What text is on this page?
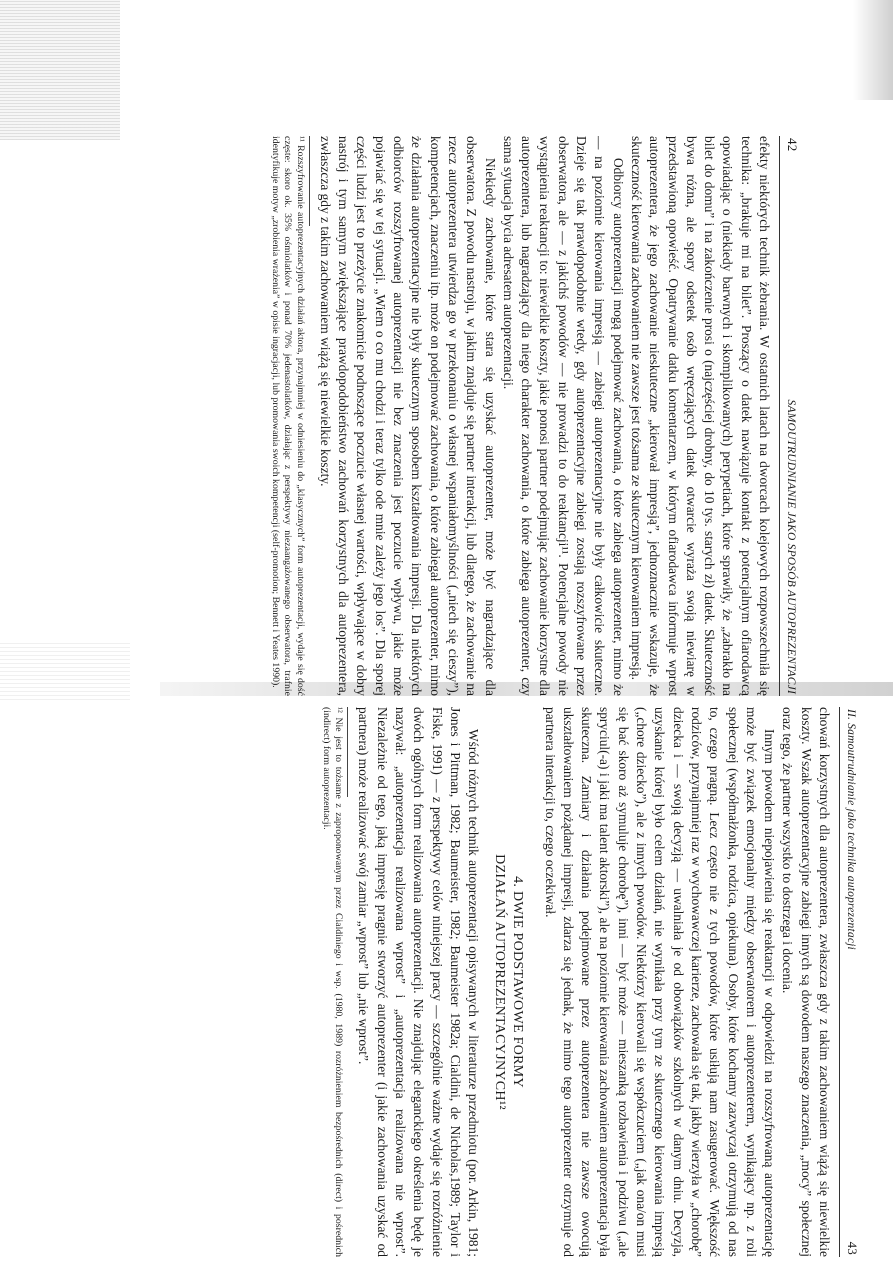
42
SAMOUTRUDNIANIE JAKO SPOSÓB AUTOPREZENTACJI

efekty niektórych technik żebrania. W ostatnich latach na dworcach kolejowych rozpowszechniła się technika: „brakuje mi na bilet”. Proszący o datek nawiązuje kontakt z potencjalnym ofiarodawcą opowiadając o (niekiedy barwnych i skomplikowanych) perypetiach, które sprawiły, że „zabrakło na bilet do domu” i na zakończenie prosi o (najczęściej drobny, do 10 tys. starych zł) datek. Skuteczność bywa różna, ale spory odsetek osób wręczających datek otwarcie wyraża swoją niewiarę w przedstawioną opowieść. Opatrywanie datku komentarzem, w którym ofiarodawca informuje wprost autoprezentera, że jego zachowanie nieskuteczne „kierował impresją”, jednoznacznie wskazuje, że skuteczność kierowania zachowaniem nie zawsze jest tożsama ze skutecznym kierowaniem impresją.

Odbiorcy autoprezentacji mogą podejmować zachowania, o które zabiega autoprezenter, mimo że — na poziomie kierowania impresją — zabiegi autoprezentacyjne nie były całkowicie skuteczne. Dzieje się tak prawdopodobnie wtedy, gdy autoprezentacyjne zabiegi zostają rozszyfrowane przez obserwatora, ale — z jakichś powodów — nie prowadzi to do reaktancji¹¹. Potencjalne powody nie wystąpienia reaktancji to: niewielkie koszty, jakie ponosi partner podejmując zachowanie korzystne dla autoprezentera, lub nagradzający dla niego charakter zachowania, o które zabiega autoprezenter, czy sama sytuacja bycia adresatem autoprezentacji.

Niekiedy zachowanie, które stara się uzyskać autoprezenter, może być nagradzające dla obserwatora. Z powodu nastroju, w jakim znajduje się partner interakcji, lub dlatego, że zachowanie na rzecz autoprezentera utwierdza go w przekonaniu o własnej wspaniałomyślności („niech się cieszy”), kompetencjach, znaczeniu itp. może on podejmować zachowania, o które zabiegał autoprezenter, mimo że działania autoprezentacyjne nie były skutecznym sposobem kształtowania impresji. Dla niektórych odbiorców rozszyfrowanej autoprezentacji nie bez znaczenia jest poczucie wpływu, jakie może pojawiać się w tej sytuacji. „Wiem o co mu chodzi i teraz tylko ode mnie zależy jego los”. Dla sporej części ludzi jest to przeżycie znakomicie podnoszące poczucie własnej wartości, wpływające w dobry nastrój i tym samym zwiększające prawdopodobieństwo zachowań korzystnych dla autoprezentera, zwłaszcza gdy z takim zachowaniem wiążą się niewielkie koszty.

¹¹ Rozszyfrowanie autoprezentacyjnych działań aktora, przynajmniej w odniesieniu do „klasycznych” form autoprezentacji, wydaje się dość częste: skoro ok. 35% ośmiolatków i ponad 70% jedenastolatków, działając z perspektywy niezaangażowanego obserwatora, trafnie identyfikuje motyw „zrobienia wrażenia” w opisie ingracjacji, lub promowania swoich kompetencji (self-promotion; Bennett i Yeates 1990).

II. Samoutrudnianie jako technika autoprezentacji
43

chowań korzystnych dla autoprezentera, zwłaszcza gdy z takim zachowaniem wiążą się niewielkie koszty. Wszak autoprezentacyjne zabiegi innych są dowodem naszego znaczenia, „mocy” społecznej oraz tego, że partner wszystko to dostrzega i docenia.

Innym powodem niepojawienia się reaktancji w odpowiedzi na rozszyfrowaną autoprezentację może być związek emocjonalny między obserwatorem i autoprezenterem, wynikający np. z roli społecznej (współmałżonka, rodzica, opiekuna). Osoby, które kochamy zazwyczaj otrzymują od nas to, czego pragną. Lecz często nie z tych powodów, które usiłują nam zasugerować. Większość rodziców, przynajmniej raz w wychowawczej karierze, zachowała się tak, jakby wierzyła w „chorobę” dziecka i — swoją decyzją — uwalniała je od obowiązków szkolnych w danym dniu. Decyzja, uzyskanie której było celem działań, nie wynikała przy tym ze skutecznego kierowania impresją („chore dziecko”), ale z innych powodów. Niektórzy kierowali się współczuciem („jak ona/on musi się bać skoro aż symuluje chorobę”), inni — być może — mieszanką rozbawienia i podziwu („ale spryciul(-a) i jaki ma talent aktorski”), ale na poziomie kierowania zachowaniem autoprezentacja była skuteczna. Zamiary i działania podejmowane przez autoprezentera nie zawsze owocują ukształtowaniem pożądanej impresji, zdarza się jednak, że mimo tego autoprezenter otrzymuje od partnera interakcji to, czego oczekiwał.

4. DWIE PODSTAWOWE FORMY
DZIAŁAŃ AUTOPREZENTACYJNYCH¹²

Wśród różnych technik autoprezentacji opisywanych w literaturze przedmiotu (por. Arkin, 1981; Jones i Pittman, 1982; Baumeister, 1982; Baumeister 1982a; Cialdini, de Nicholas,1989; Taylor i Fiske, 1991) — z perspektywy celów niniejszej pracy — szczególnie ważne wydaje się rozróżnienie dwóch ogólnych form realizowania autoprezentacji. Nie znajdując eleganckiego określenia będę je nazywał: „autoprezentacja realizowana wprost” i „autoprezentacja realizowana nie wprost”. Niezależnie od tego, jaką impresję pragnie stworzyć autoprezenter (i jakie zachowania uzyskać od partnera) może realizować swój zamiar „wprost” lub „nie wprost”.

¹² Nie jest to tożsame z zaproponowanym przez Cialdiniego i wsp. (1980, 1989) rozróżnieniem bezpośrednich (direct) i pośrednich (indirect) form autoprezentacji.
